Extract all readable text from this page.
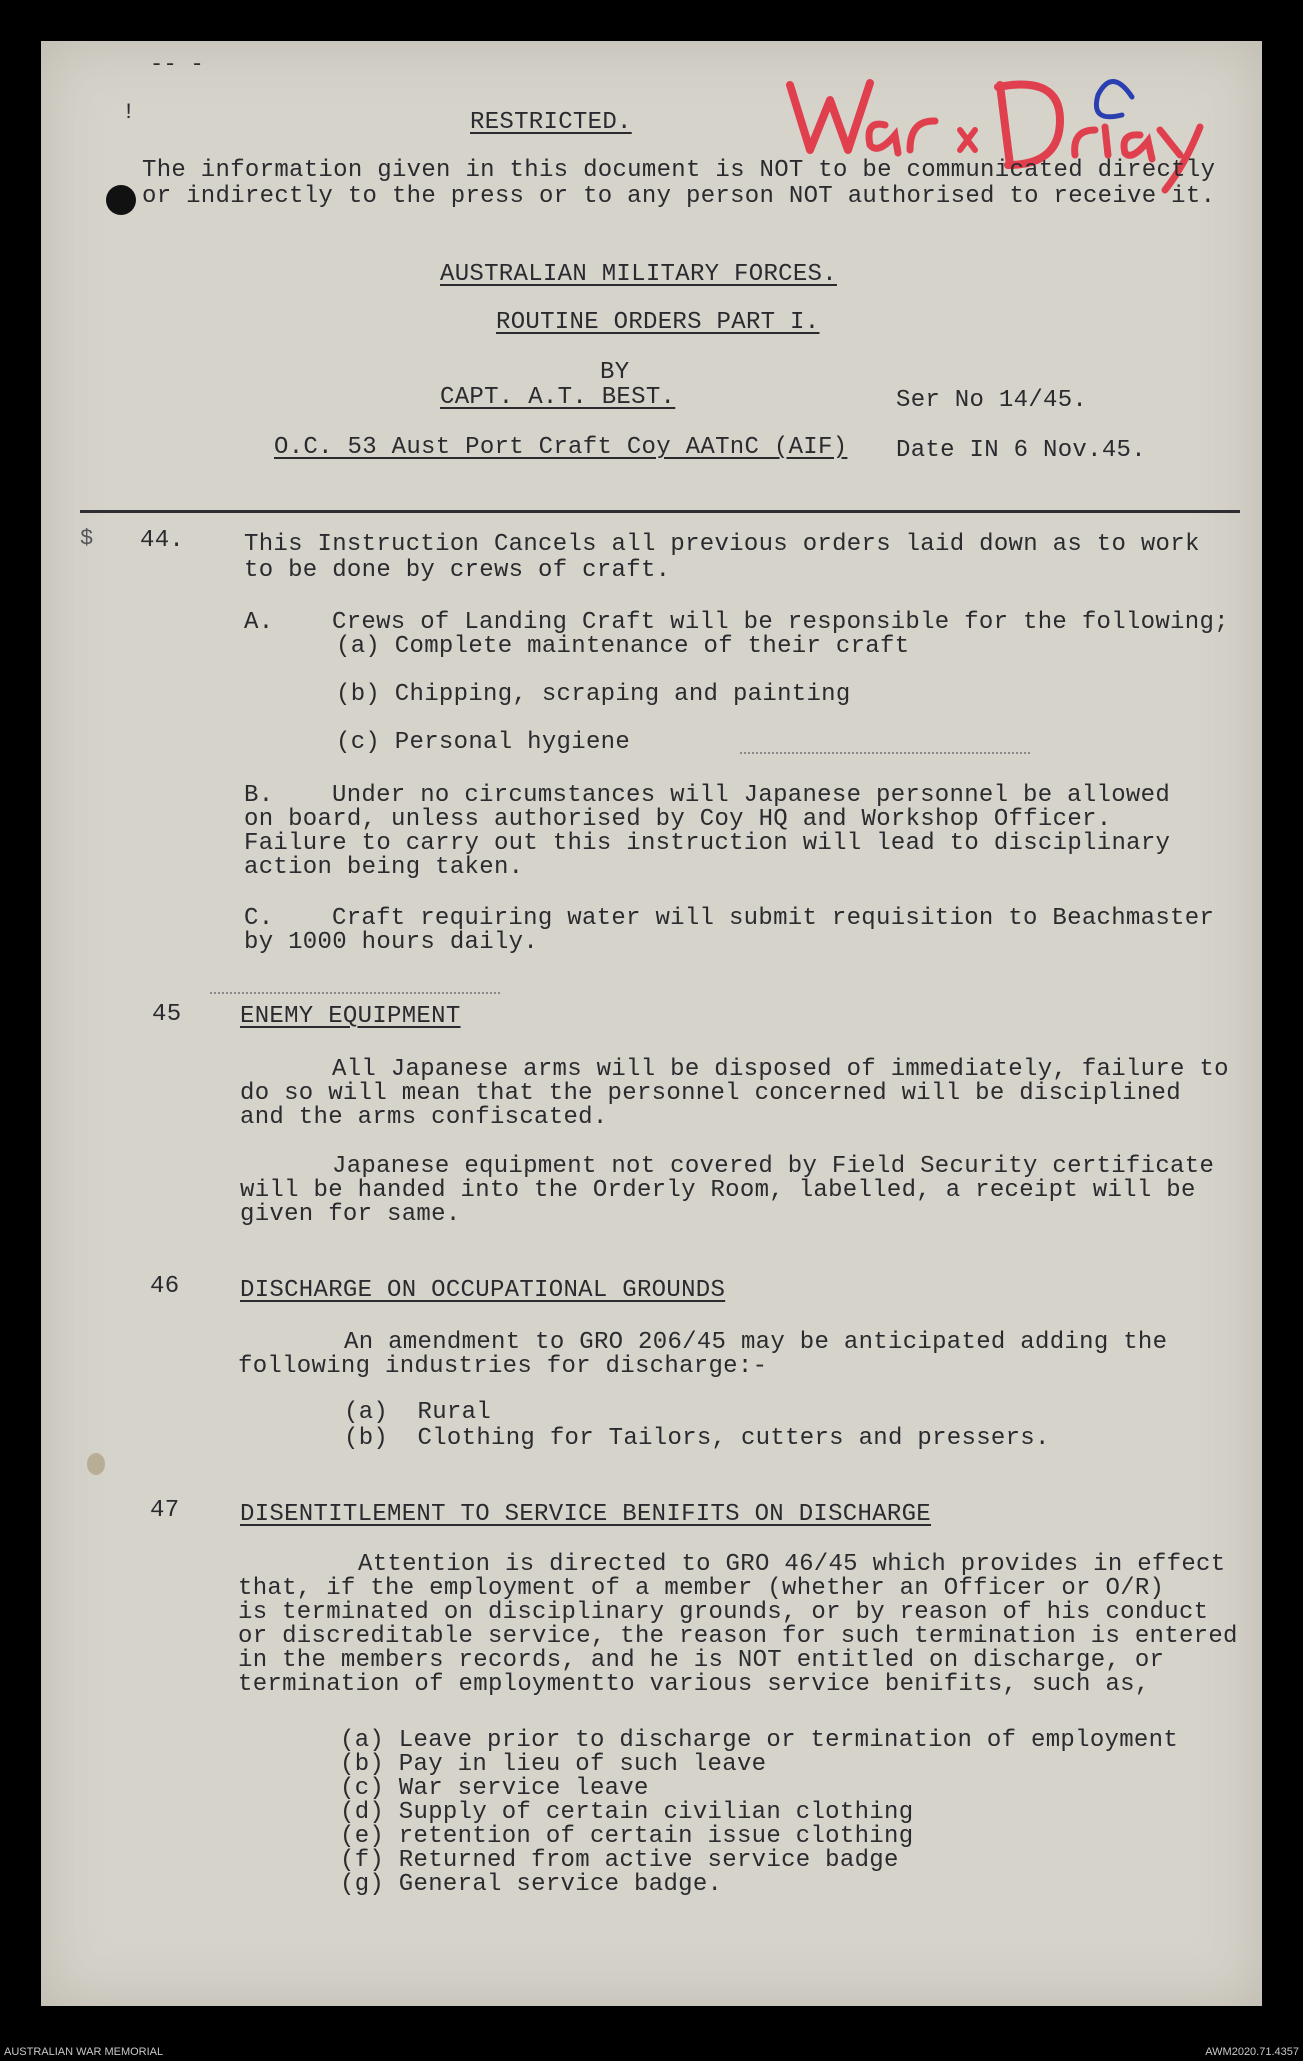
-- -
!
$
War Diary
RESTRICTED.
The information given in this document is NOT to be communicated directly
or indirectly to the press or to any person NOT authorised to receive it.
AUSTRALIAN MILITARY FORCES.
ROUTINE ORDERS PART I.
BY
CAPT. A.T. BEST.	Ser No 14/45.
O.C. 53 Aust Port Craft Coy AATnC (AIF) Date IN 6 Nov.45.
44. This Instruction Cancels all previous orders laid down as to work
to be done by crews of craft.
A. Crews of Landing Craft will be responsible for the following;
(a) Complete maintenance of their craft
(b) Chipping, scraping and painting
(c) Personal hygiene
B. Under no circumstances will Japanese personnel be allowed
on board, unless authorised by Coy HQ and Workshop Officer.
Failure to carry out this instruction will lead to disciplinary
action being taken.
C. Craft requiring water will submit requisition to Beachmaster
by 1000 hours daily.
45 ENEMY EQUIPMENT
All Japanese arms will be disposed of immediately, failure to
do so will mean that the personnel concerned will be disciplined
and the arms confiscated.
Japanese equipment not covered by Field Security certificate
will be handed into the Orderly Room, labelled, a receipt will be
given for same.
46	DISCHARGE ON OCCUPATIONAL GROUNDS
An amendment to GRO 206/45 may be anticipated adding the
following industries for discharge:-
(a)  Rural
(b)  Clothing for Tailors, cutters and pressers.
47	DISENTITLEMENT TO SERVICE BENIFITS ON DISCHARGE
Attention is directed to GRO 46/45 which provides in effect
that, if the employment of a member (whether an Officer or O/R)
is terminated on disciplinary grounds, or by reason of his conduct
or discreditable service, the reason for such termination is entered
in the members records, and he is NOT entitled on discharge, or
termination of employmentto various service benifits, such as,
(a) Leave prior to discharge or termination of employment
(b) Pay in lieu of such leave
(c) War service leave
(d) Supply of certain civilian clothing
(e) retention of certain issue clothing
(f) Returned from active service badge
(g) General service badge.
AUSTRALIAN WAR MEMORIAL	AWM2020.71.4357
